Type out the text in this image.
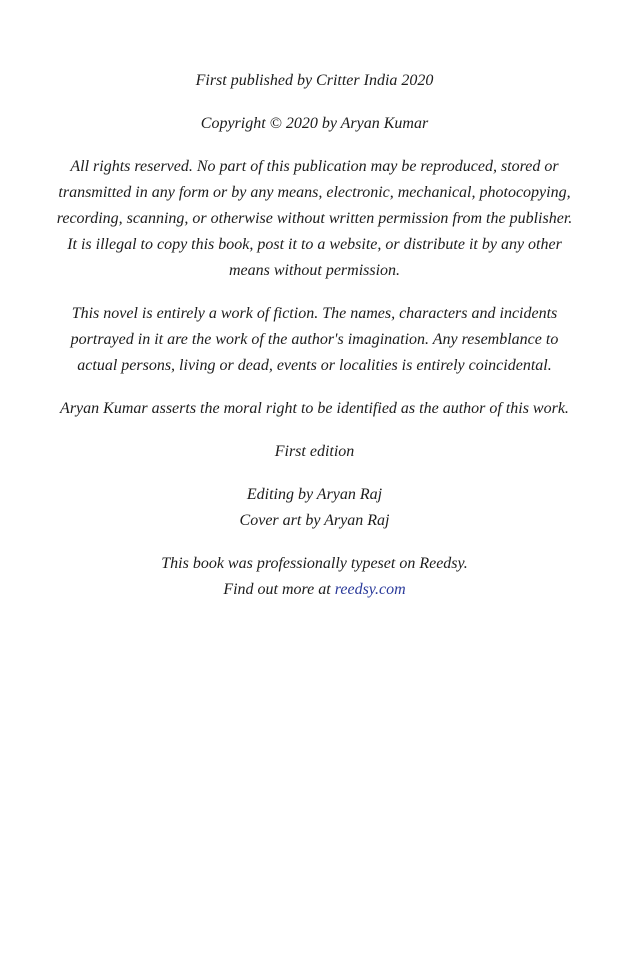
First published by Critter India 2020

Copyright © 2020 by Aryan Kumar

All rights reserved. No part of this publication may be reproduced, stored or transmitted in any form or by any means, electronic, mechanical, photocopying, recording, scanning, or otherwise without written permission from the publisher. It is illegal to copy this book, post it to a website, or distribute it by any other means without permission.

This novel is entirely a work of fiction. The names, characters and incidents portrayed in it are the work of the author's imagination. Any resemblance to actual persons, living or dead, events or localities is entirely coincidental.

Aryan Kumar asserts the moral right to be identified as the author of this work.

First edition

Editing by Aryan Raj

Cover art by Aryan Raj

This book was professionally typeset on Reedsy.

Find out more at reedsy.com
